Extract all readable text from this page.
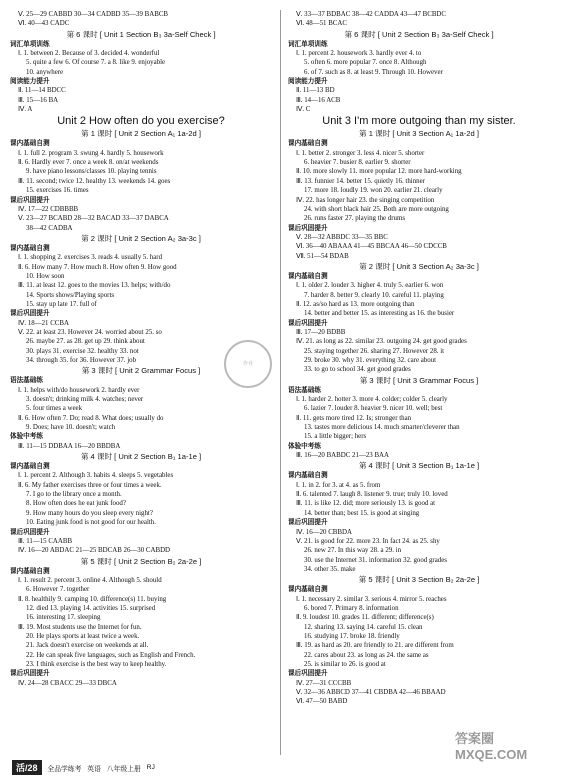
Ⅴ. 25—29 CABBD 30—34 CADBD 35—39 BABCB
Ⅵ. 40—43 CADC
第 6 课时 [ Unit 1 Section B₃ 3a-Self Check ]
词汇单项训练
Ⅰ. 1. between 2. Because of 3. decided 4. wonderful
5. quite a few 6. Of course 7. a 8. like 9. enjoyable
10. anywhere
阅读能力提升
Ⅱ. 11—14 BDCC
Ⅲ. 15—16 BA
Ⅳ. A
Unit 2 How often do you exercise?
第 1 课时 [ Unit 2 Section A₁ 1a-2d ]
课内基础自测
Ⅰ. 1. full 2. program 3. swung 4. hardly 5. housework
Ⅱ. 6. Hardly ever 7. once a week 8. on/at weekends
9. have piano lessons/classes 10. playing tennis
Ⅲ. 11. second; twice 12. healthy 13. weekends 14. goes
15. exercises 16. times
课后巩固提升
Ⅳ. 17—22 CDBBBB
Ⅴ. 23—27 BCABD 28—32 BACAD 33—37 DABCA
38—42 CADBA
第 2 课时 [ Unit 2 Section A₂ 3a-3c ]
课内基础自测
Ⅰ. 1. shopping 2. exercises 3. reads 4. usually 5. hard
Ⅱ. 6. How many 7. How much 8. How often 9. How good
10. How soon
Ⅲ. 11. at least 12. goes to the movies 13. helps; with/do
14. Sports shows/Playing sports
15. stay up late 17. full of
课后巩固提升
Ⅳ. 18—21 CCBA
Ⅴ. 22. at least 23. However 24. worried about 25. so
26. maybe 27. as 28. get up 29. think about
30. plays 31. exercise 32. healthy 33. not
34. through 35. for 36. However 37. job
第 3 课时 [ Unit 2 Grammar Focus ]
语法基础练
Ⅰ. 1. helps with/do housework 2. hardly ever
3. doesn't; drinking milk 4. watches; never
5. four times a week
Ⅱ. 6. How often 7. Do; read 8. What does; usually do
9. Does; have 10. doesn't; watch
体验中考练
Ⅲ. 11—15 DDBAA 16—20 BBDBA
第 4 课时 [ Unit 2 Section B₁ 1a-1e ]
课内基础自测
Ⅰ. 1. percent 2. Although 3. habits 4. sleeps 5. vegetables
Ⅱ. 6. My father exercises three or four times a week.
7. I go to the library once a month.
8. How often does he eat junk food?
9. How many hours do you sleep every night?
10. Eating junk food is not good for our health.
课后巩固提升
Ⅲ. 11—15 CAABB
Ⅳ. 16—20 ABDAC 21—25 BDCAB 26—30 CABDD
第 5 课时 [ Unit 2 Section B₂ 2a-2e ]
课内基础自测
Ⅰ. 1. result 2. percent 3. online 4. Although 5. should
6. However 7. together
Ⅱ. 8. healthily 9. camping 10. difference(s) 11. buying
12. died 13. playing 14. activities 15. surprised
16. interesting 17. sleeping
Ⅲ. 19. Most students use the Internet for fun.
20. He plays sports at least twice a week.
21. Jack doesn't exercise on weekends at all.
22. He can speak five languages, such as English and French.
23. I think exercise is the best way to keep healthy.
课后巩固提升
Ⅳ. 24—28 CBACC 29—33 DBCA
Ⅴ. 33—37 BDBAC 38—42 CADDA 43—47 BCBDC
Ⅵ. 48—51 BCAC
第 6 课时 [ Unit 2 Section B₃ 3a-Self Check ]
词汇单项训练
Ⅰ. 1. percent 2. housework 3. hardly ever 4. to
5. often 6. more popular 7. once 8. Although
6. of 7. such as 8. at least 9. Through 10. However
阅读能力提升
Ⅱ. 11—13 BD
Ⅲ. 14—16 ACB
Ⅳ. C
Unit 3 I'm more outgoing than my sister.
第 1 课时 [ Unit 3 Section A₁ 1a-2d ]
课内基础自测
Ⅰ. 1. better 2. stronger 3. less 4. nicer 5. shorter
6. heavier 7. busier 8. earlier 9. shorter
Ⅱ. 10. more slowly 11. more popular 12. more hard-working
Ⅲ. 13. funnier 14. better 15. quietly 16. thinner
17. more 18. loudly 19. won 20. earlier 21. clearly
Ⅳ. 22. has longer hair 23. the singing competition
24. with short black hair 25. Both are more outgoing
26. runs faster 27. playing the drums
课后巩固提升
Ⅴ. 28—32 ABBDC 33—35 BBC
Ⅵ. 36—40 ABAAA 41—45 BBCAA 46—50 CDCCB
Ⅶ. 51—54 BDAB
第 2 课时 [ Unit 3 Section A₂ 3a-3c ]
课内基础自测
Ⅰ. 1. older 2. louder 3. higher 4. truly 5. earlier 6. won
7. harder 8. better 9. clearly 10. careful 11. playing
Ⅱ. 12. as/so hard as 13. more outgoing than
14. better and better 15. as interesting as 16. the busier
课后巩固提升
Ⅲ. 17—20 BDBB
Ⅳ. 21. as long as 22. similar 23. outgoing 24. get good grades
25. staying together 26. sharing 27. However 28. it
29. broke 30. why 31. everything 32. care about
33. to go to school 34. get good grades
第 3 课时 [ Unit 3 Grammar Focus ]
语法基础练
Ⅰ. 1. harder 2. hotter 3. more 4. colder; colder 5. clearly
6. lazier 7. louder 8. heavier 9. nicer 10. well; best
Ⅱ. 11. gets more tired 12. Is; stronger than
13. tastes more delicious 14. much smarter/cleverer than
15. a little bigger; hers
体验中考练
Ⅲ. 16—20 BABDC 21—23 BAA
第 4 课时 [ Unit 3 Section B₁ 1a-1e ]
课内基础自测
Ⅰ. 1. in 2. for 3. at 4. as 5. from
Ⅱ. 6. talented 7. laugh 8. listener 9. true; truly 10. loved
Ⅲ. 11. is like 12. did; more seriously 13. is good at
14. better than; best 15. is good at singing
课后巩固提升
Ⅳ. 16—20 CBBDA
Ⅴ. 21. is good for 22. more 23. In fact 24. as 25. shy
26. new 27. In this way 28. a 29. in
30. use the Internet 31. information 32. good grades
34. other 35. make
第 5 课时 [ Unit 3 Section B₂ 2a-2e ]
课内基础自测
Ⅰ. 1. necessary 2. similar 3. serious 4. mirror 5. reaches
6. bored 7. Primary 8. information
Ⅱ. 9. loudest 10. grades 11. different; difference(s)
12. sharing 13. saying 14. careful 15. clean
16. studying 17. broke 18. friendly
Ⅲ. 19. as hard as 20. are friendly to 21. are different from
22. cares about 23. as long as 24. the same as
25. is similar to 26. is good at
课后巩固提升
Ⅳ. 27—31 CCCBB
Ⅴ. 32—36 ABBCD 37—41 CBDBA 42—46 BBAAD
Ⅵ. 47—50 BABD
作业
答案圈 MXQE.COM
活/28 全品学练考 英语 八年级上册 RJ
